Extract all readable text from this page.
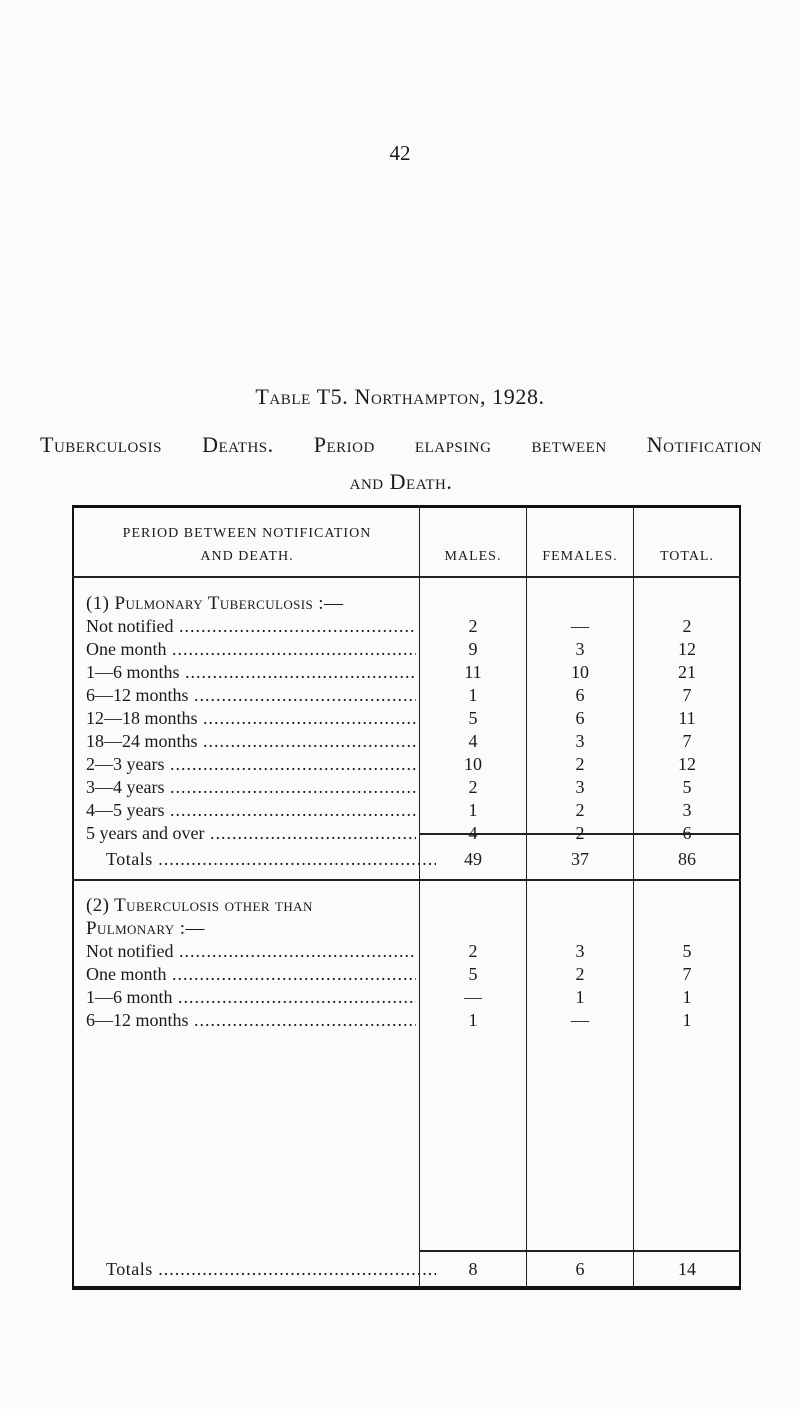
42
Table T5. Northampton, 1928.
Tuberculosis Deaths. Period elapsing between Notification
and Death.
PERIOD BETWEEN NOTIFICATION
AND DEATH.	MALES.	FEMALES.	TOTAL.
(1) Pulmonary Tuberculosis :—
Not notified .....	2	—	2
One month .....	9	3	12
1—6 months .....	11	10	21
6—12 months .....	1	6	7
12—18 months .....	5	6	11
18—24 months .....	4	3	7
2—3 years .....	10	2	12
3—4 years .....	2	3	5
4—5 years .....	1	2	3
5 years and over .....	4	2	6
Totals .....	49	37	86
(2) Tuberculosis other than
Pulmonary :—
Not notified .....	2	3	5
One month .....	5	2	7
1—6 month .....	—	1	1
6—12 months .....	1	—	1
Totals .....	8	6	14
